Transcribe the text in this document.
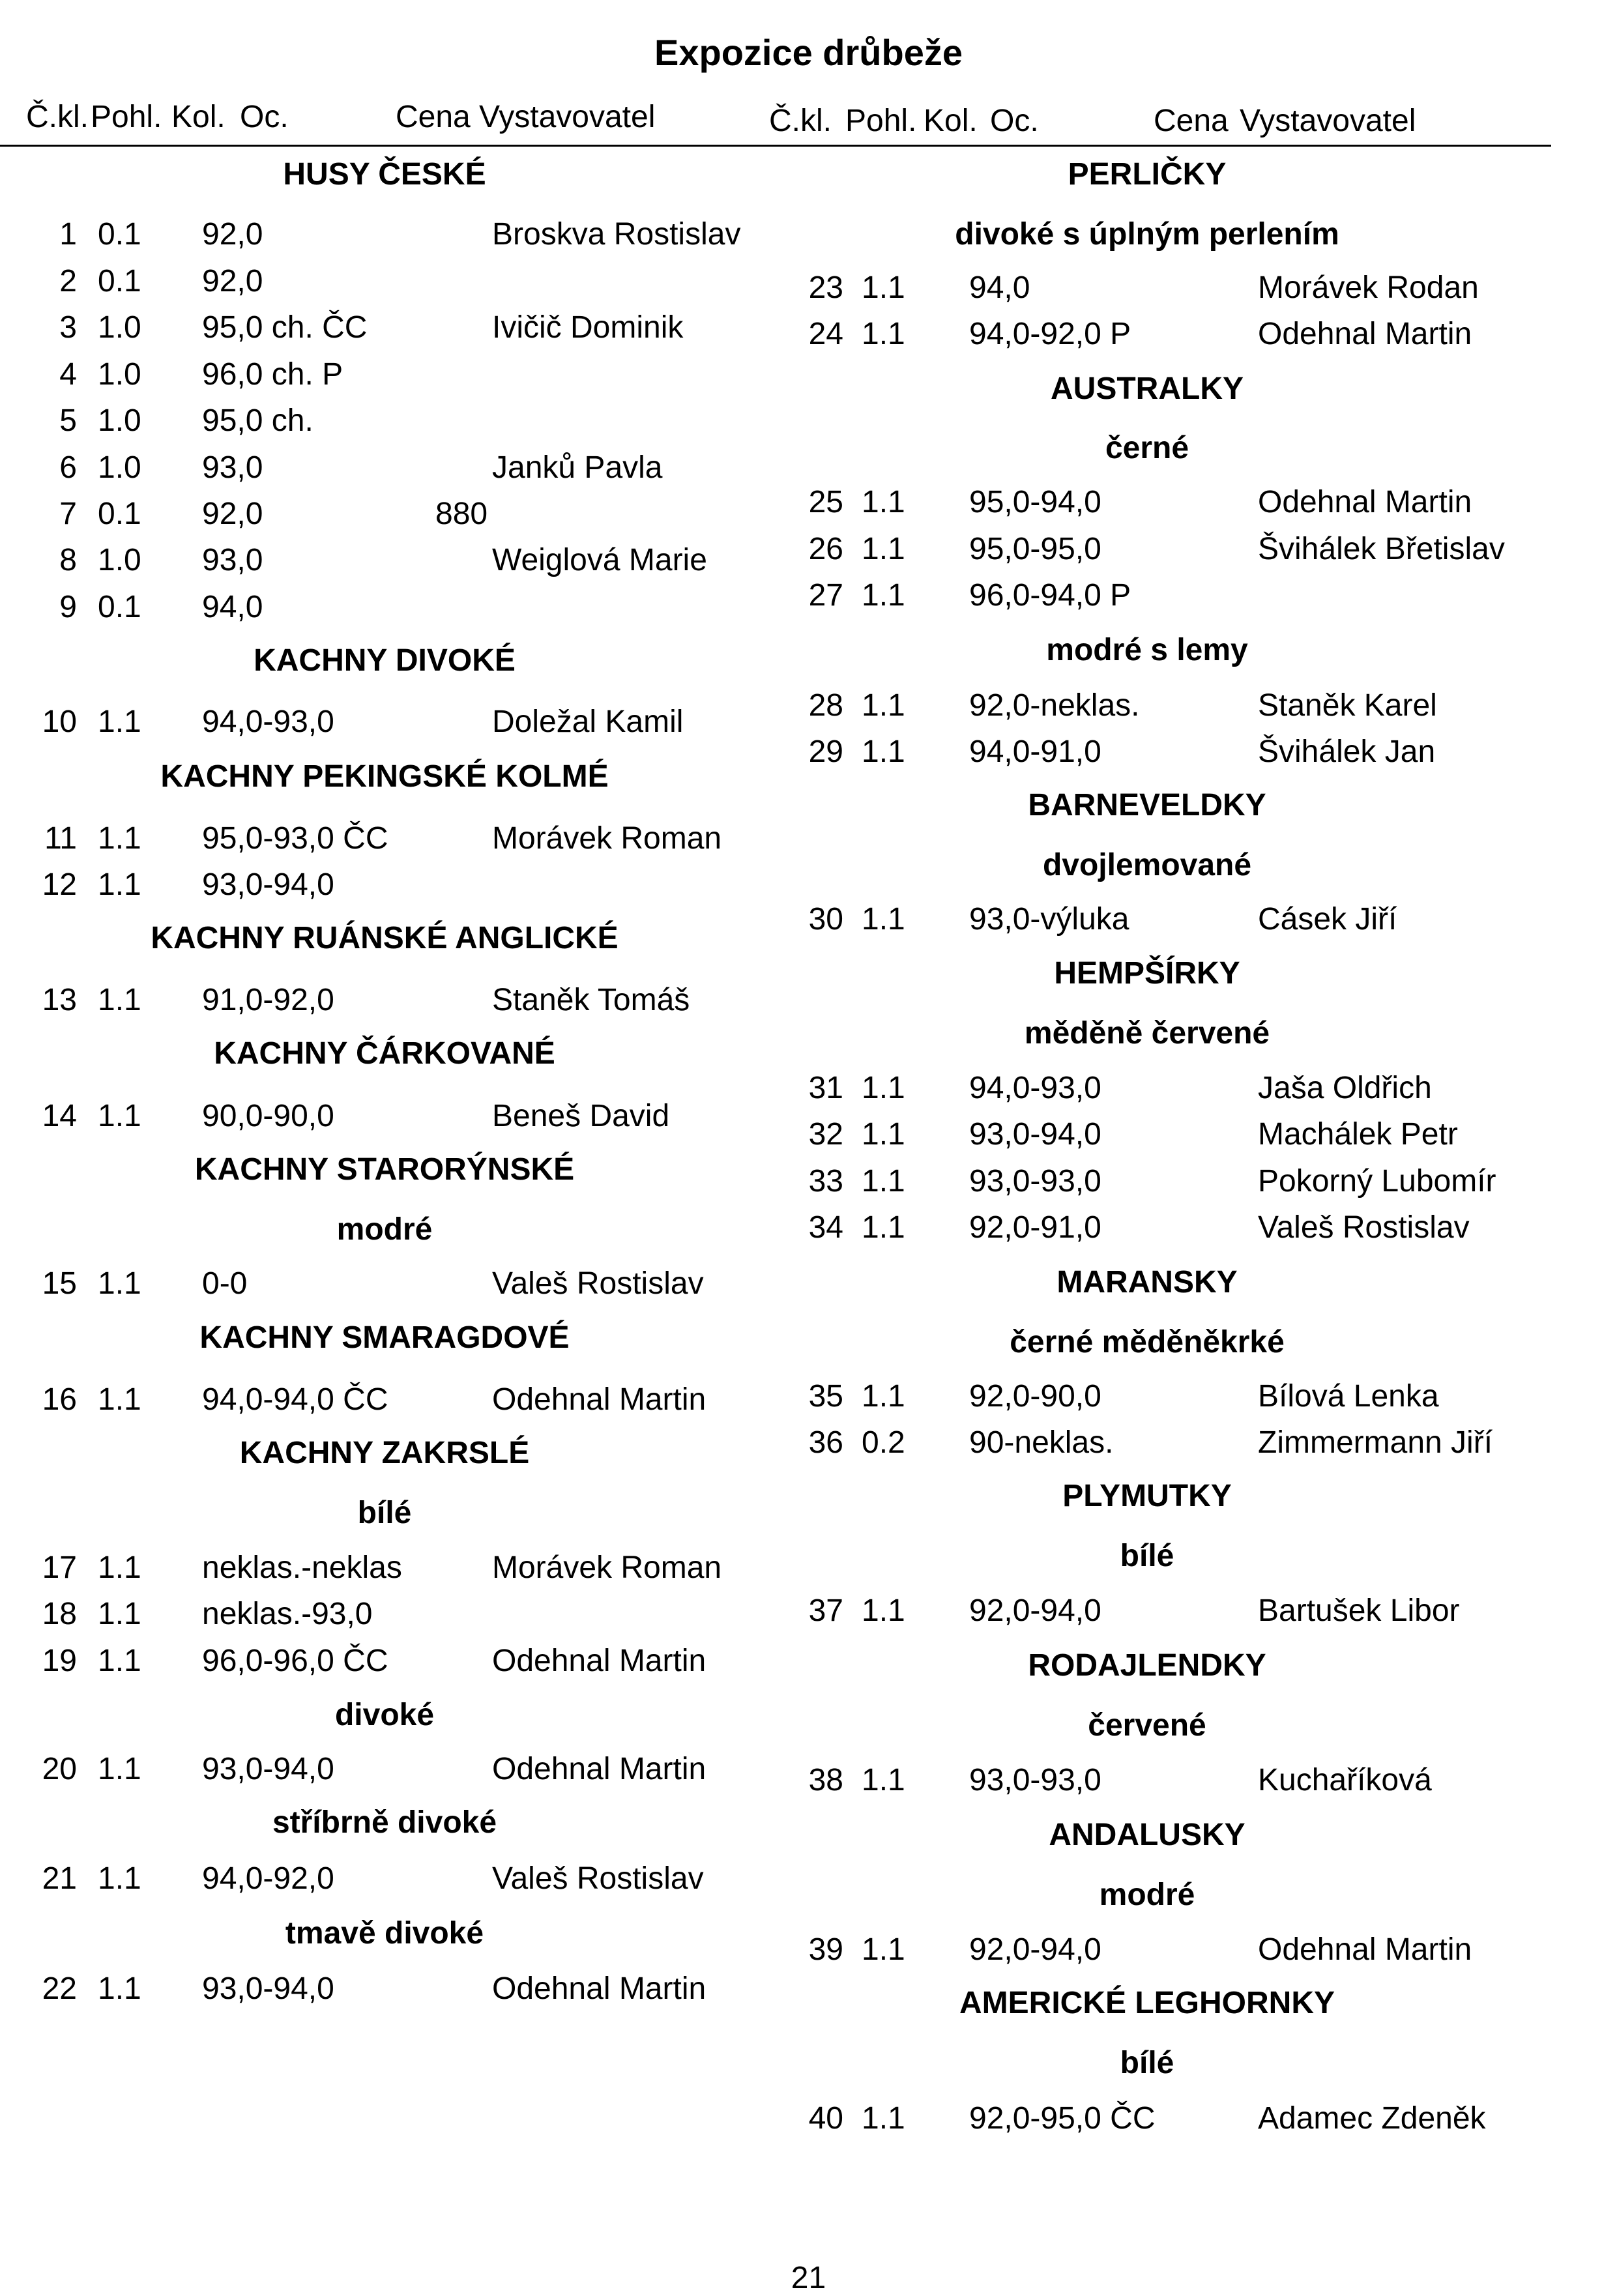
Expozice drůbeže
Č.kl. Pohl. Kol. Oc.	Cena Vystavovatel	Č.kl. Pohl. Kol. Oc.	Cena Vystavovatel
HUSY ČESKÉ
1 0.1 92,0	Broskva Rostislav
2 0.1 92,0
3 1.0 95,0 ch. ČC	Ivičič Dominik
4 1.0 96,0 ch. P
5 1.0 95,0 ch.
6 1.0 93,0	Janků Pavla
7 0.1 92,0	880
8 1.0 93,0	Weiglová Marie
9 0.1 94,0
KACHNY DIVOKÉ
10 1.1 94,0-93,0	Doležal Kamil
KACHNY PEKINGSKÉ KOLMÉ
11 1.1 95,0-93,0 ČC	Morávek Roman
12 1.1 93,0-94,0
KACHNY RUÁNSKÉ ANGLICKÉ
13 1.1 91,0-92,0	Staněk Tomáš
KACHNY ČÁRKOVANÉ
14 1.1 90,0-90,0	Beneš David
KACHNY STARORÝNSKÉ
modré
15 1.1 0-0	Valeš Rostislav
KACHNY SMARAGDOVÉ
16 1.1 94,0-94,0 ČC	Odehnal Martin
KACHNY ZAKRSLÉ
bílé
17 1.1 neklas.-neklas	Morávek Roman
18 1.1 neklas.-93,0
19 1.1 96,0-96,0 ČC	Odehnal Martin
divoké
20 1.1 93,0-94,0	Odehnal Martin
stříbrně divoké
21 1.1 94,0-92,0	Valeš Rostislav
tmavě divoké
22 1.1 93,0-94,0	Odehnal Martin
PERLIČKY
divoké s úplným perlením
23 1.1 94,0	Morávek Rodan
24 1.1 94,0-92,0 P	Odehnal Martin
AUSTRALKY
černé
25 1.1 95,0-94,0	Odehnal Martin
26 1.1 95,0-95,0	Švihálek Břetislav
27 1.1 96,0-94,0 P
modré s lemy
28 1.1 92,0-neklas.	Staněk Karel
29 1.1 94,0-91,0	Švihálek Jan
BARNEVELDKY
dvojlemované
30 1.1 93,0-výluka	Cásek Jiří
HEMPŠÍRKY
měděně červené
31 1.1 94,0-93,0	Jaša Oldřich
32 1.1 93,0-94,0	Machálek Petr
33 1.1 93,0-93,0	Pokorný Lubomír
34 1.1 92,0-91,0	Valeš Rostislav
MARANSKY
černé měděněkrké
35 1.1 92,0-90,0	Bílová Lenka
36 0.2 90-neklas.	Zimmermann Jiří
PLYMUTKY
bílé
37 1.1 92,0-94,0	Bartušek Libor
RODAJLENDKY
červené
38 1.1 93,0-93,0	Kuchaříková
ANDALUSKY
modré
39 1.1 92,0-94,0	Odehnal Martin
AMERICKÉ LEGHORNKY
bílé
40 1.1 92,0-95,0 ČC	Adamec Zdeněk
21
